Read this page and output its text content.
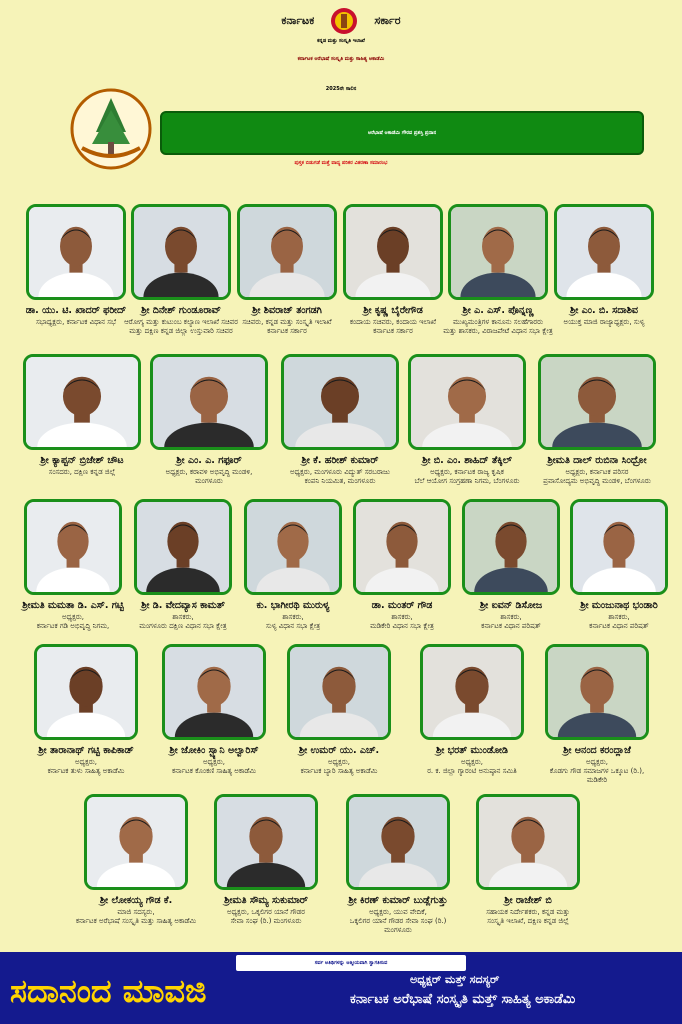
ಕರ್ನಾಟಕ	ಸರ್ಕಾರ
ಕನ್ನಡ ಮತ್ತು ಸಂಸ್ಕೃತಿ ಇಲಾಖೆ
ಕರ್ನಾಟಕ ಅರೆಭಾಷೆ ಸಂಸ್ಕೃತಿ ಮತ್ತು ಸಾಹಿತ್ಯ ಅಕಾಡೆಮಿ
2025ನೇ ಸಾಲಿನ
ಅರೆಭಾಷೆ ಅಕಾಡೆಮಿ ಗೌರವ ಪ್ರಶಸ್ತಿ ಪ್ರದಾನ
ಪುಸ್ತಕ ಬಿಡುಗಡೆ ಮತ್ತೆ ವಾದ್ಯ ಪರಿಕರ ವಿತರಣಾ ಸಮಾರಂಭ
ಡಾ. ಯು. ಟಿ. ಖಾದರ್ ಫರೀದ್
ಸಭಾಧ್ಯಕ್ಷರು, ಕರ್ನಾಟಕ ವಿಧಾನ ಸಭೆ
ಶ್ರೀ ದಿನೇಶ್ ಗುಂಡೂರಾವ್
ಆರೋಗ್ಯ ಮತ್ತು ಕುಟುಂಬ ಕಲ್ಯಾಣ ಇಲಾಖೆ ಸಚಿವರ
ಮತ್ತು ದಕ್ಷಿಣ ಕನ್ನಡ ಜಿಲ್ಲಾ ಉಸ್ತುವಾರಿ ಸಚಿವರ
ಶ್ರೀ ಶಿವರಾಜ್ ತಂಗಡಗಿ
ಸಚಿವರು, ಕನ್ನಡ ಮತ್ತು ಸಂಸ್ಕೃತಿ ಇಲಾಖೆ
ಕರ್ನಾಟಕ ಸರ್ಕಾರ
ಶ್ರೀ ಕೃಷ್ಣ ಬೈರೇಗೌಡ
ಕಂದಾಯ ಸಚಿವರು, ಕಂದಾಯ ಇಲಾಖೆ
ಕರ್ನಾಟಕ ಸರ್ಕಾರ
ಶ್ರೀ ಎ. ಎಸ್. ಪೊನ್ನಣ್ಣ
ಮುಖ್ಯಮಂತ್ರಿಗಳ ಕಾನೂನು ಸಲಹೆಗಾರರು
ಮತ್ತು ಶಾಸಕರು, ವಿರಾಜಪೇಟೆ ವಿಧಾನ ಸಭಾ ಕ್ಷೇತ್ರ
ಶ್ರೀ ಎಂ. ಬಿ. ಸದಾಶಿವ
ಅಯುಕ್ತ ಮಾಜಿ ರಾಜ್ಯಾಧ್ಯಕ್ಷರು, ಸುಳ್ಯ
ಶ್ರೀ ಕ್ಯಾಪ್ಟನ್ ಬ್ರಿಜೇಶ್ ಚೌಟ
ಸಂಸದರು, ದಕ್ಷಿಣ ಕನ್ನಡ ಜಿಲ್ಲೆ
ಶ್ರೀ ಎಂ. ಎ. ಗಫೂರ್
ಅಧ್ಯಕ್ಷರು, ಕರಾವಳಿ ಅಭಿವೃದ್ಧಿ ಮಂಡಳಿ,
ಮಂಗಳೂರು
ಶ್ರೀ ಕೆ. ಹರೀಶ್ ಕುಮಾರ್
ಅಧ್ಯಕ್ಷರು, ಮಂಗಳೂರು ವಿದ್ಯುತ್ ಸರಬರಾಜು
ಕಂಪನಿ ನಿಯಮಿತ, ಮಂಗಳೂರು
ಶ್ರೀ ಬಿ. ಎಂ. ಶಾಹಿದ್ ತೆಕ್ಕಿಲ್
ಅಧ್ಯಕ್ಷರು, ಕರ್ನಾಟಕ ರಾಜ್ಯ ಕೃಷಿಕ
ಬೆಲೆ ಆಯೋಗ ಸಂಗ್ರಹಣಾ ನಿಗಮ, ಬೆಂಗಳೂರು
ಶ್ರೀಮತಿ ದಾಲ್ ರುಬಿನಾ ಸಿಂಧ್ರೋ
ಅಧ್ಯಕ್ಷರು, ಕರ್ನಾಟಕ ಪರಿಸರ
ಪ್ರವಾಸೋದ್ಯಮ ಅಭಿವೃದ್ಧಿ ಮಂಡಳಿ, ಬೆಂಗಳೂರು
ಶ್ರೀಮತಿ ಮಮತಾ ಡಿ. ಎಸ್. ಗಟ್ಟಿ
ಅಧ್ಯಕ್ಷರು,
ಕರ್ನಾಟಕ ಗಡಿ ಅಭಿವೃದ್ಧಿ ನಿಗಮ,
ಶ್ರೀ ಡಿ. ವೇದವ್ಯಾಸ ಕಾಮತ್
ಶಾಸಕರು,
ಮಂಗಳೂರು ದಕ್ಷಿಣ ವಿಧಾನ ಸಭಾ ಕ್ಷೇತ್ರ
ಕು. ಭಾಗೀರಥಿ ಮುರುಳ್ಯ
ಶಾಸಕರು,
ಸುಳ್ಯ ವಿಧಾನ ಸಭಾ ಕ್ಷೇತ್ರ
ಡಾ. ಮಂತರ್ ಗೌಡ
ಶಾಸಕರು,
ಮಡಿಕೇರಿ ವಿಧಾನ ಸಭಾ ಕ್ಷೇತ್ರ
ಶ್ರೀ ಐವನ್ ಡಿಸೋಜ
ಶಾಸಕರು,
ಕರ್ನಾಟಕ ವಿಧಾನ ಪರಿಷತ್
ಶ್ರೀ ಮಂಜುನಾಥ ಭಂಡಾರಿ
ಶಾಸಕರು,
ಕರ್ನಾಟಕ ವಿಧಾನ ಪರಿಷತ್
ಶ್ರೀ ತಾರಾನಾಥ್ ಗಟ್ಟಿ ಕಾಪಿಕಾಡ್
ಅಧ್ಯಕ್ಷರು,
ಕರ್ನಾಟಕ ತುಳು ಸಾಹಿತ್ಯ ಅಕಾಡೆಮಿ
ಶ್ರೀ ಜೋಕಿಂ ಸ್ಟ್ಯಾನಿ ಅಲ್ವಾರಿಸ್
ಅಧ್ಯಕ್ಷರು,
ಕರ್ನಾಟಕ ಕೊಂಕಣಿ ಸಾಹಿತ್ಯ ಅಕಾಡೆಮಿ
ಶ್ರೀ ಉಮರ್ ಯು. ಎಚ್.
ಅಧ್ಯಕ್ಷರು,
ಕರ್ನಾಟಕ ಬ್ಯಾರಿ ಸಾಹಿತ್ಯ ಅಕಾಡೆಮಿ
ಶ್ರೀ ಭರತ್ ಮುಂಡೋಡಿ
ಅಧ್ಯಕ್ಷರು,
ರ. ಕ. ಜಿಲ್ಲಾ ಗ್ಯಾರಂಟಿ ಅನುಷ್ಠಾನ ಸಮಿತಿ
ಶ್ರೀ ಆನಂದ ಕರಂದ್ಲಾಜೆ
ಅಧ್ಯಕ್ಷರು,
ಕೊಡಗು ಗೌಡ ಸಮಾಜಗಳ ಒಕ್ಕೂಟ (ರಿ.),
ಮಡಿಕೇರಿ
ಶ್ರೀ ಲೋಕಯ್ಯ ಗೌಡ ಕೆ.
ಮಾಜಿ ಸದಸ್ಯರು,
ಕರ್ನಾಟಕ ಅರೆಭಾಷೆ ಸಂಸ್ಕೃತಿ ಮತ್ತು ಸಾಹಿತ್ಯ ಅಕಾಡೆಮಿ
ಶ್ರೀಮತಿ ಸೌಮ್ಯ ಸುಕುಮಾರ್
ಅಧ್ಯಕ್ಷರು, ಒಕ್ಕಲಿಗರ ಯಾನೆ ಗೌಡರ
ಸೇವಾ ಸಂಘ (ರಿ.) ಮಂಗಳೂರು
ಶ್ರೀ ಕಿರಣ್ ಕುಮಾರ್ ಬುಡ್ಲೆಗುತ್ತು
ಅಧ್ಯಕ್ಷರು, ಯುವ ವೇದಿಕೆ,
ಒಕ್ಕಲಿಗರ ಯಾನೆ ಗೌಡರ ಸೇವಾ ಸಂಘ (ರಿ.)
ಮಂಗಳೂರು
ಶ್ರೀ ರಾಜೇಶ್ ಬಿ
ಸಹಾಯಕ ನಿರ್ದೇಶಕರು, ಕನ್ನಡ ಮತ್ತು
ಸಂಸ್ಕೃತಿ ಇಲಾಖೆ, ದಕ್ಷಿಣ ಕನ್ನಡ ಜಿಲ್ಲೆ
ಸರ್ವ ಅತಿಥಿಗಳನ್ನು ಆತ್ಮೀಯವಾಗಿ ಸ್ವಾಗತಿಸುವ
ಸದಾನಂದ ಮಾವಜಿ	ಅಧ್ಯಕ್ಷರ್ ಮತ್ತ್ ಸದಸ್ಯರ್
ಕರ್ನಾಟಕ ಅರೆಭಾಷೆ ಸಂಸ್ಕೃತಿ ಮತ್ತ್ ಸಾಹಿತ್ಯ ಅಕಾಡೆಮಿ
